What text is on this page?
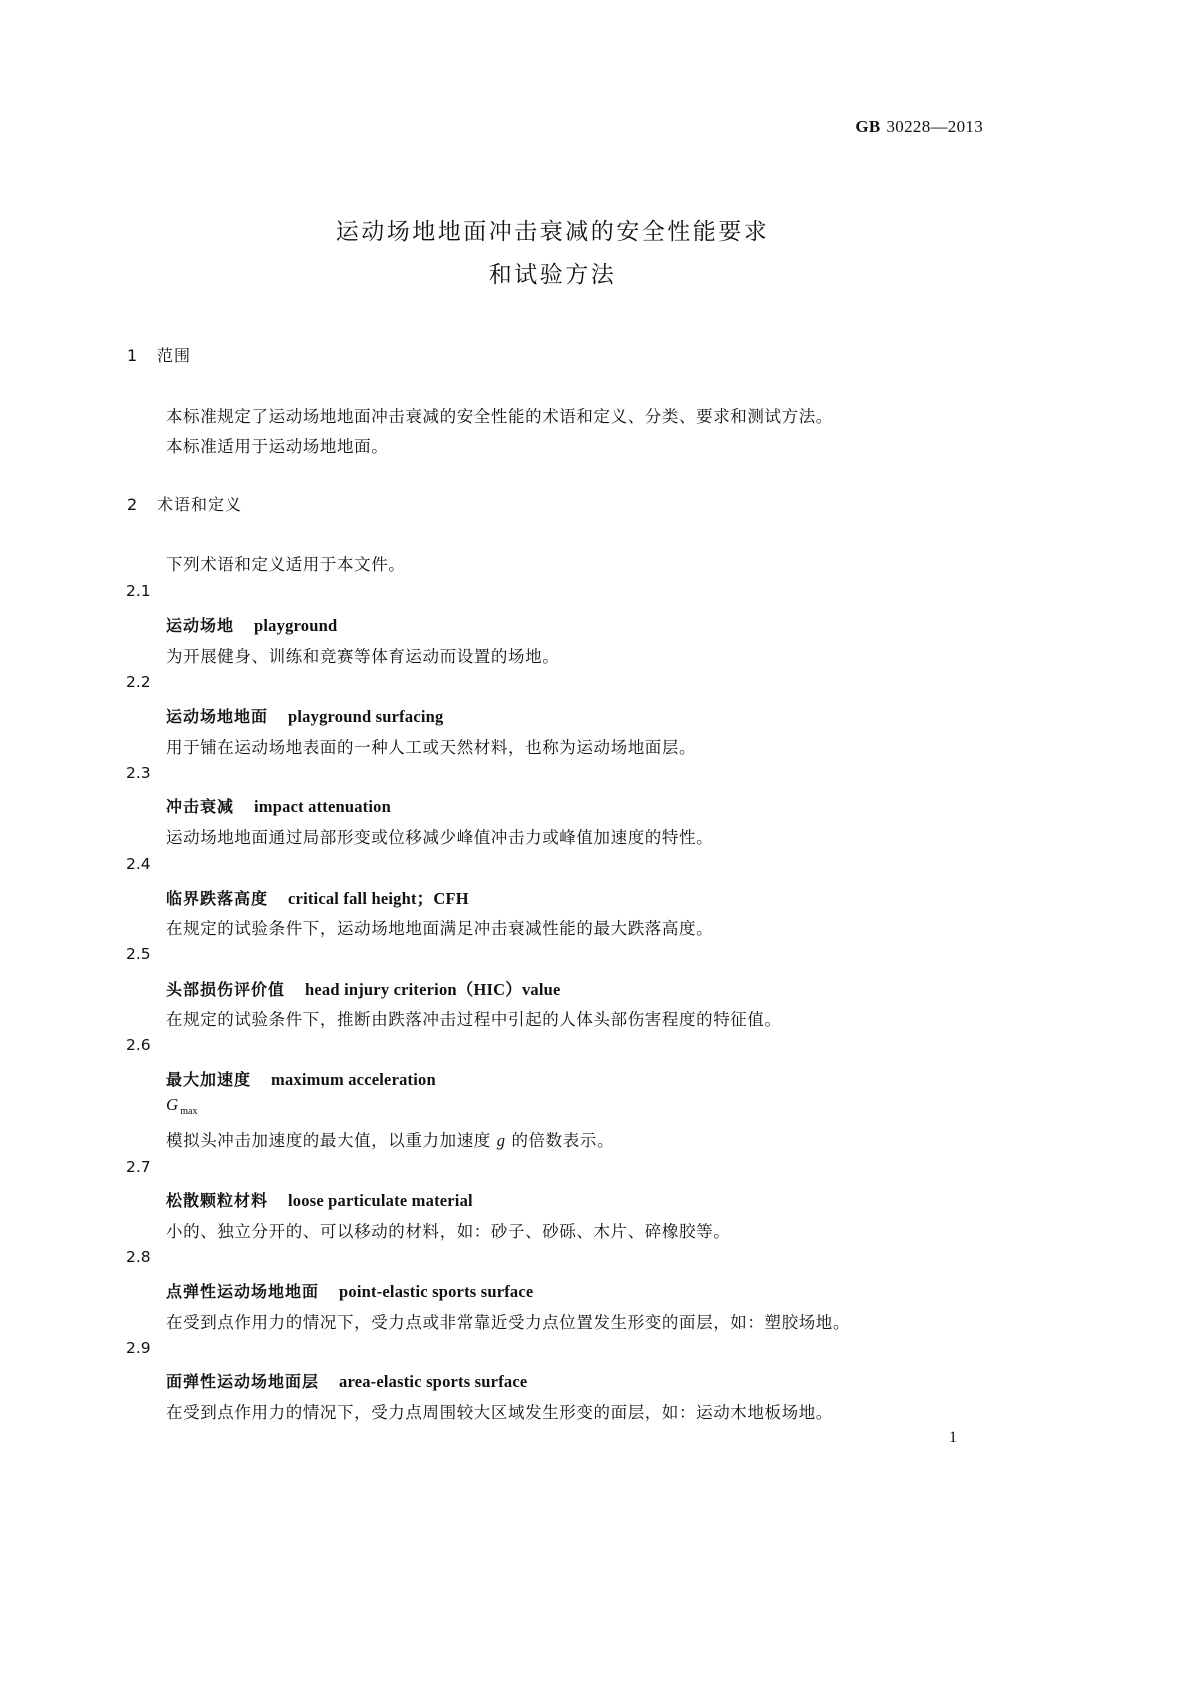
GB 30228—2013
运动场地地面冲击衰减的安全性能要求
和试验方法
1 范围
本标准规定了运动场地地面冲击衰减的安全性能的术语和定义、分类、要求和测试方法。
本标准适用于运动场地地面。
2 术语和定义
下列术语和定义适用于本文件。
2.1
运动场地 playground
为开展健身、训练和竞赛等体育运动而设置的场地。
2.2
运动场地地面 playground surfacing
用于铺在运动场地表面的一种人工或天然材料，也称为运动场地面层。
2.3
冲击衰减 impact attenuation
运动场地地面通过局部形变或位移减少峰值冲击力或峰值加速度的特性。
2.4
临界跌落高度 critical fall height；CFH
在规定的试验条件下，运动场地地面满足冲击衰减性能的最大跌落高度。
2.5
头部损伤评价值 head injury criterion（HIC）value
在规定的试验条件下，推断由跌落冲击过程中引起的人体头部伤害程度的特征值。
2.6
最大加速度 maximum acceleration
G $_{max}$
模拟头冲击加速度的最大值，以重力加速度 g 的倍数表示。
2.7
松散颗粒材料 loose particulate material
小的、独立分开的、可以移动的材料，如：砂子、砂砾、木片、碎橡胶等。
2.8
点弹性运动场地地面 point-elastic sports surface
在受到点作用力的情况下，受力点或非常靠近受力点位置发生形变的面层，如：塑胶场地。
2.9
面弹性运动场地面层 area-elastic sports surface
在受到点作用力的情况下，受力点周围较大区域发生形变的面层，如：运动木地板场地。
1
